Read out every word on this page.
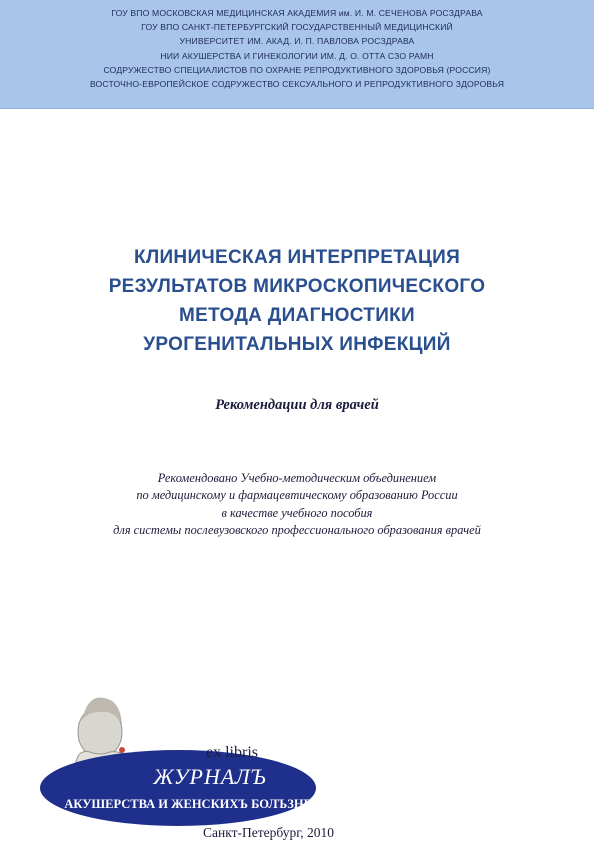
ГОУ ВПО МОСКОВСКАЯ МЕДИЦИНСКАЯ АКАДЕМИЯ им. И. М. СЕЧЕНОВА РОСЗДРАВА
ГОУ ВПО САНКТ-ПЕТЕРБУРГСКИЙ ГОСУДАРСТВЕННЫЙ МЕДИЦИНСКИЙ
УНИВЕРСИТЕТ ИМ. АКАД. И. П. ПАВЛОВА РОСЗДРАВА
НИИ АКУШЕРСТВА И ГИНЕКОЛОГИИ ИМ. Д. О. ОТТА СЗО РАМН
СОДРУЖЕСТВО СПЕЦИАЛИСТОВ ПО ОХРАНЕ РЕПРОДУКТИВНОГО ЗДОРОВЬЯ (РОССИЯ)
ВОСТОЧНО-ЕВРОПЕЙСКОЕ СОДРУЖЕСТВО СЕКСУАЛЬНОГО И РЕПРОДУКТИВНОГО ЗДОРОВЬЯ
КЛИНИЧЕСКАЯ ИНТЕРПРЕТАЦИЯ
РЕЗУЛЬТАТОВ МИКРОСКОПИЧЕСКОГО
МЕТОДА ДИАГНОСТИКИ
УРОГЕНИТАЛЬНЫХ ИНФЕКЦИЙ
Рекомендации для врачей
Рекомендовано Учебно-методическим объединением
по медицинскому и фармацевтическому образованию России
в качестве учебного пособия
для системы послевузовского профессионального образования врачей
ex libris
ЖУРНАЛЪ
АКУШЕРСТВА И ЖЕНСКИХЪ БОЛЪЗНЕЙ
Санкт-Петербург, 2010
